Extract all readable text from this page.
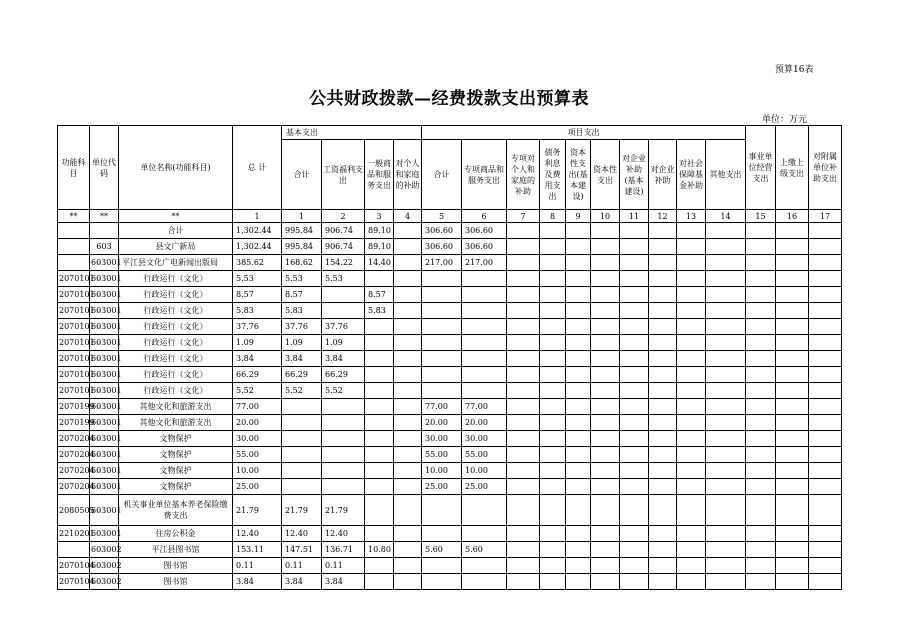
预算16表
公共财政拨款—经费拨款支出预算表
单位：万元
功能科目	单位代码	单位名称(功能科目)	总 计	基本支出				项目支出										事业单位经营支出	上缴上级支出	对附属单位补助支出
				合计	工资福利支出	一般商品和服务支出	对个人和家庭的补助	合计	专项商品和服务支出	专项对个人和家庭的补助	债务利息及费用支出	资本性支出(基本建设)	资本性支出	对企业补助(基本建设)	对企业补助	对社会保障基金补助	其他支出			
**	**	**	1	1	2	3	4	5	6	7	8	9	10	11	12	13	14	15	16	17
		合计	1,302.44	995.84	906.74	89.10		306.60	306.60											
	603	县文广新局	1,302.44	995.84	906.74	89.10		306.60	306.60											
	603001	平江县文化广电新闻出版局	385.62	168.62	154.22	14.40		217.00	217.00											
2070101	603001	行政运行（文化）	5.53	5.53	5.53															
2070101	603001	行政运行（文化）	8.57	8.57		8.57														
2070101	603001	行政运行（文化）	5.83	5.83		5.83														
2070101	603001	行政运行（文化）	37.76	37.76	37.76															
2070101	603001	行政运行（文化）	1.09	1.09	1.09															
2070101	603001	行政运行（文化）	3.84	3.84	3.84															
2070101	603001	行政运行（文化）	66.29	66.29	66.29															
2070101	603001	行政运行（文化）	5.52	5.52	5.52															
2070199	603001	其他文化和旅游支出	77.00					77.00	77.00											
2070199	603001	其他文化和旅游支出	20.00					20.00	20.00											
2070204	603001	文物保护	30.00					30.00	30.00											
2070204	603001	文物保护	55.00					55.00	55.00											
2070204	603001	文物保护	10.00					10.00	10.00											
2070204	603001	文物保护	25.00					25.00	25.00											
2080505	603001	机关事业单位基本养老保险缴费支出	21.79	21.79	21.79															
2210201	603001	住房公积金	12.40	12.40	12.40															
	603002	平江县图书馆	153.11	147.51	136.71	10.80		5.60	5.60											
2070104	603002	图书馆	0.11	0.11	0.11															
2070104	603002	图书馆	3.84	3.84	3.84															
